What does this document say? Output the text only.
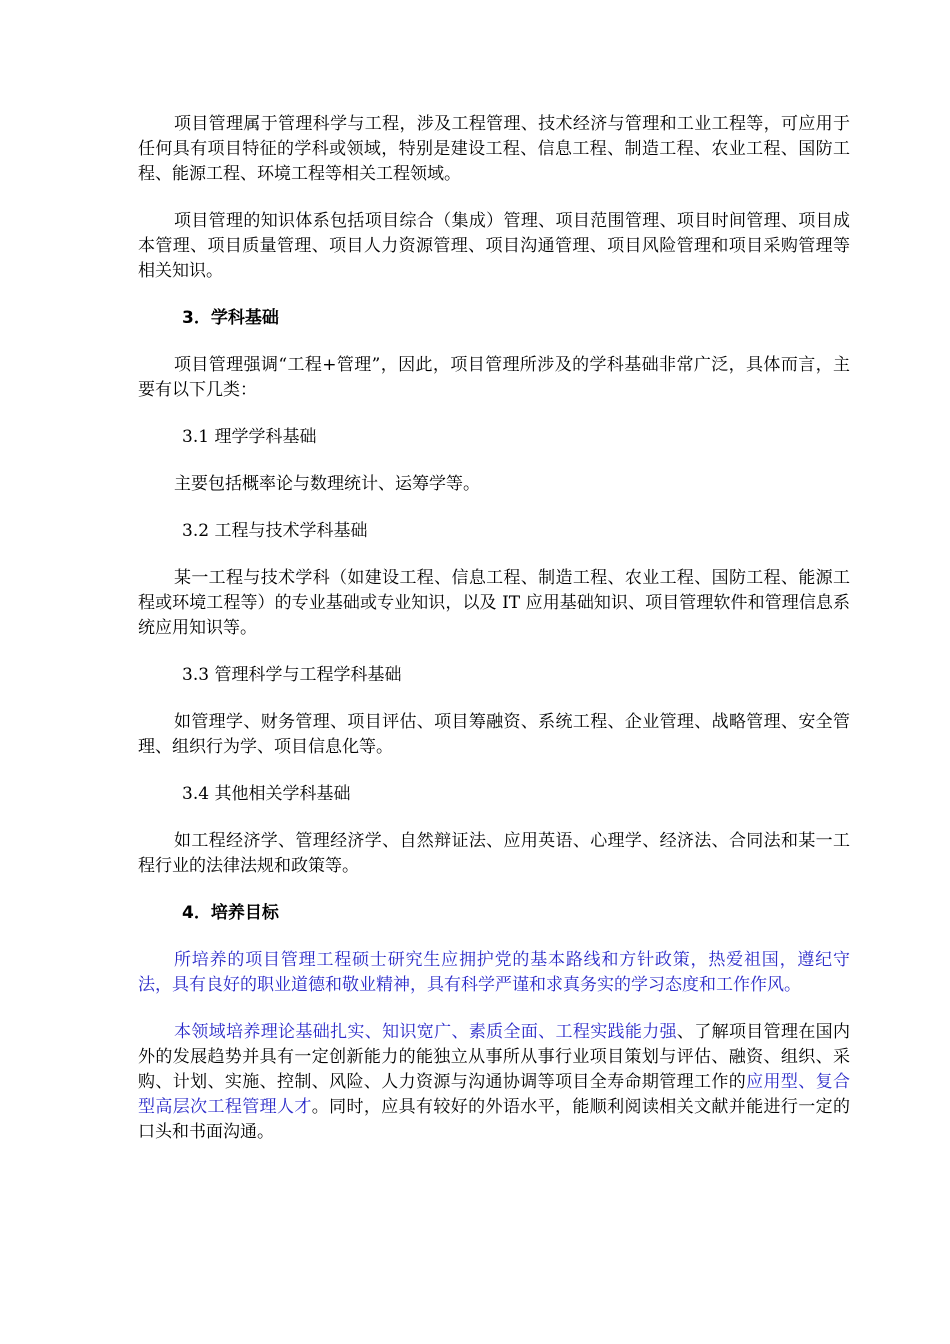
项目管理属于管理科学与工程，涉及工程管理、技术经济与管理和工业工程等，可应用于任何具有项目特征的学科或领域，特别是建设工程、信息工程、制造工程、农业工程、国防工程、能源工程、环境工程等相关工程领域。

项目管理的知识体系包括项目综合（集成）管理、项目范围管理、项目时间管理、项目成本管理、项目质量管理、项目人力资源管理、项目沟通管理、项目风险管理和项目采购管理等相关知识。

3．学科基础

项目管理强调“工程+管理”，因此，项目管理所涉及的学科基础非常广泛，具体而言，主要有以下几类：

3.1 理学学科基础

主要包括概率论与数理统计、运筹学等。

3.2 工程与技术学科基础

某一工程与技术学科（如建设工程、信息工程、制造工程、农业工程、国防工程、能源工程或环境工程等）的专业基础或专业知识，以及 IT 应用基础知识、项目管理软件和管理信息系统应用知识等。

3.3 管理科学与工程学科基础

如管理学、财务管理、项目评估、项目筹融资、系统工程、企业管理、战略管理、安全管理、组织行为学、项目信息化等。

3.4 其他相关学科基础

如工程经济学、管理经济学、自然辩证法、应用英语、心理学、经济法、合同法和某一工程行业的法律法规和政策等。

4．培养目标

所培养的项目管理工程硕士研究生应拥护党的基本路线和方针政策，热爱祖国，遵纪守法，具有良好的职业道德和敬业精神，具有科学严谨和求真务实的学习态度和工作作风。

本领域培养理论基础扎实、知识宽广、素质全面、工程实践能力强、了解项目管理在国内外的发展趋势并具有一定创新能力的能独立从事所从事行业项目策划与评估、融资、组织、采购、计划、实施、控制、风险、人力资源与沟通协调等项目全寿命期管理工作的应用型、复合型高层次工程管理人才。同时，应具有较好的外语水平，能顺利阅读相关文献并能进行一定的口头和书面沟通。
